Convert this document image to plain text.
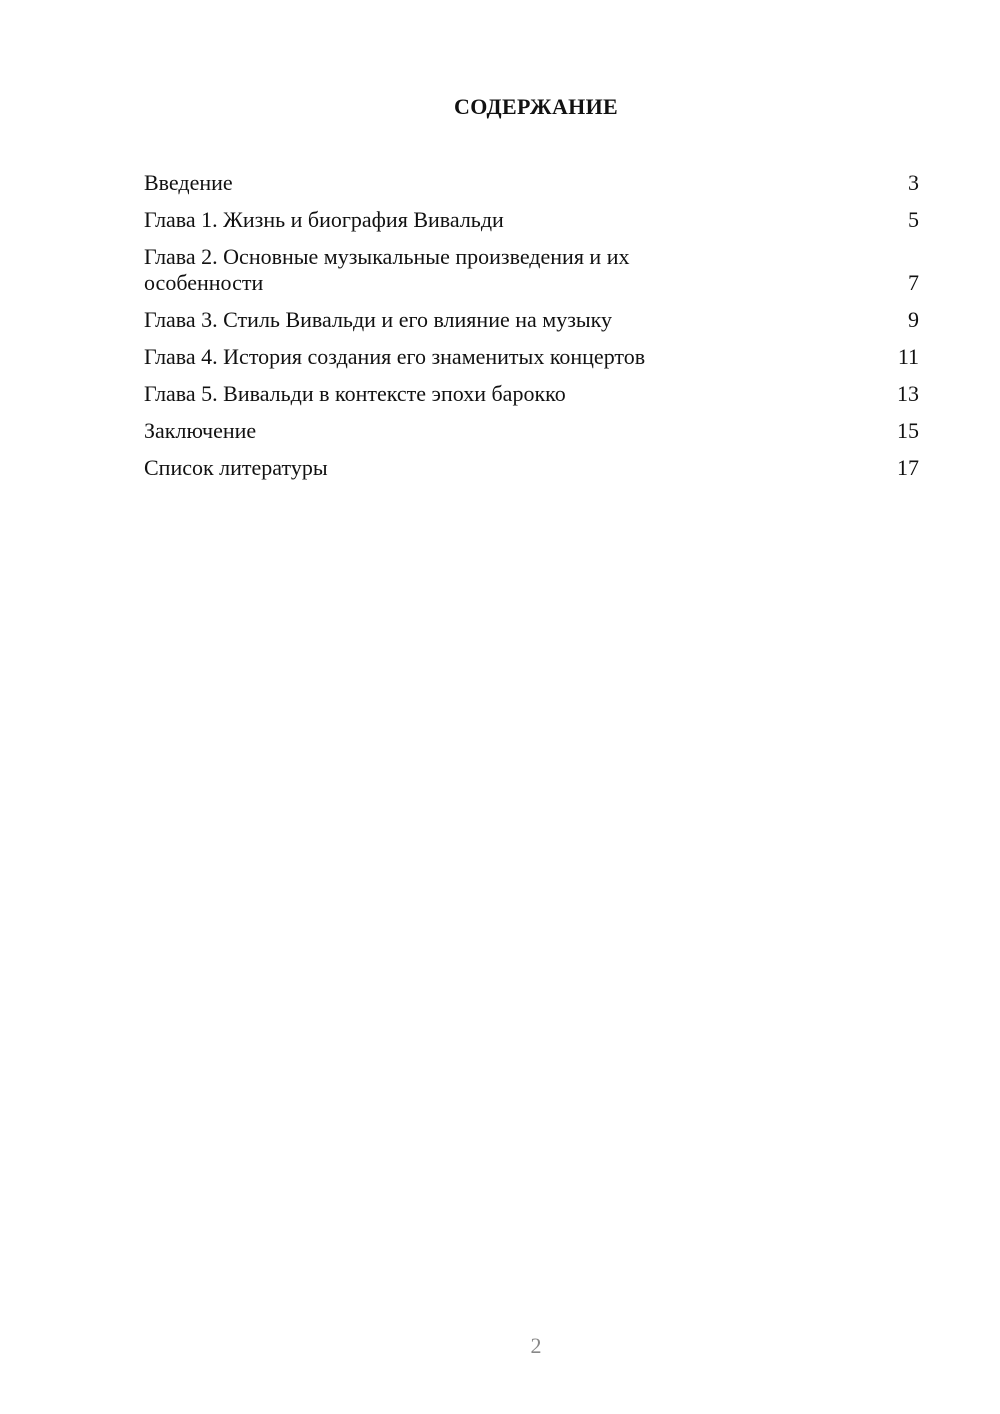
СОДЕРЖАНИЕ
Введение	3
Глава 1. Жизнь и биография Вивальди	5
Глава 2. Основные музыкальные произведения и их особенности	7
Глава 3. Стиль Вивальди и его влияние на музыку	9
Глава 4. История создания его знаменитых концертов	11
Глава 5. Вивальди в контексте эпохи барокко	13
Заключение	15
Список литературы	17
2
